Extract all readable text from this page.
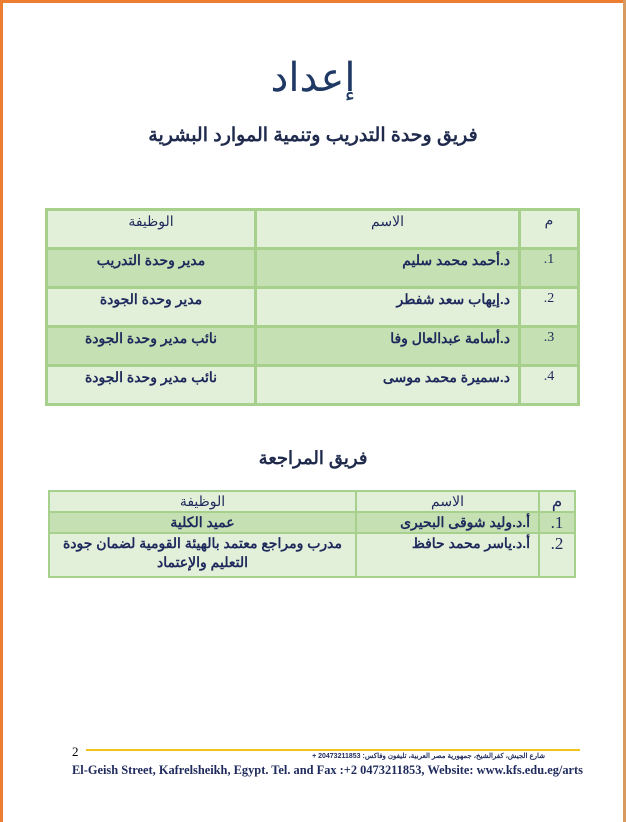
إعداد
فريق وحدة التدريب وتنمية الموارد البشرية
م	الاسم	الوظيفة
1.	د.أحمد محمد سليم	مدير وحدة التدريب
2.	د.إيهاب سعد شفطر	مدير وحدة الجودة
3.	د.أسامة عبدالعال وفا	نائب مدير وحدة الجودة
4.	د.سميرة محمد موسى	نائب مدير وحدة الجودة
فريق المراجعة
م	الاسم	الوظيفة
1.	أ.د.وليد شوقى البحيرى	عميد الكلية
2.	أ.د.ياسر محمد حافظ	مدرب ومراجع معتمد بالهيئة القومية لضمان جودة التعليم والإعتماد
2	شارع الجيش، كفرالشيخ، جمهورية مصر العربية، تليفون وفاكس: 20473211853 +
El-Geish Street, Kafrelsheikh, Egypt. Tel. and Fax :+2 0473211853, Website: www.kfs.edu.eg/arts
